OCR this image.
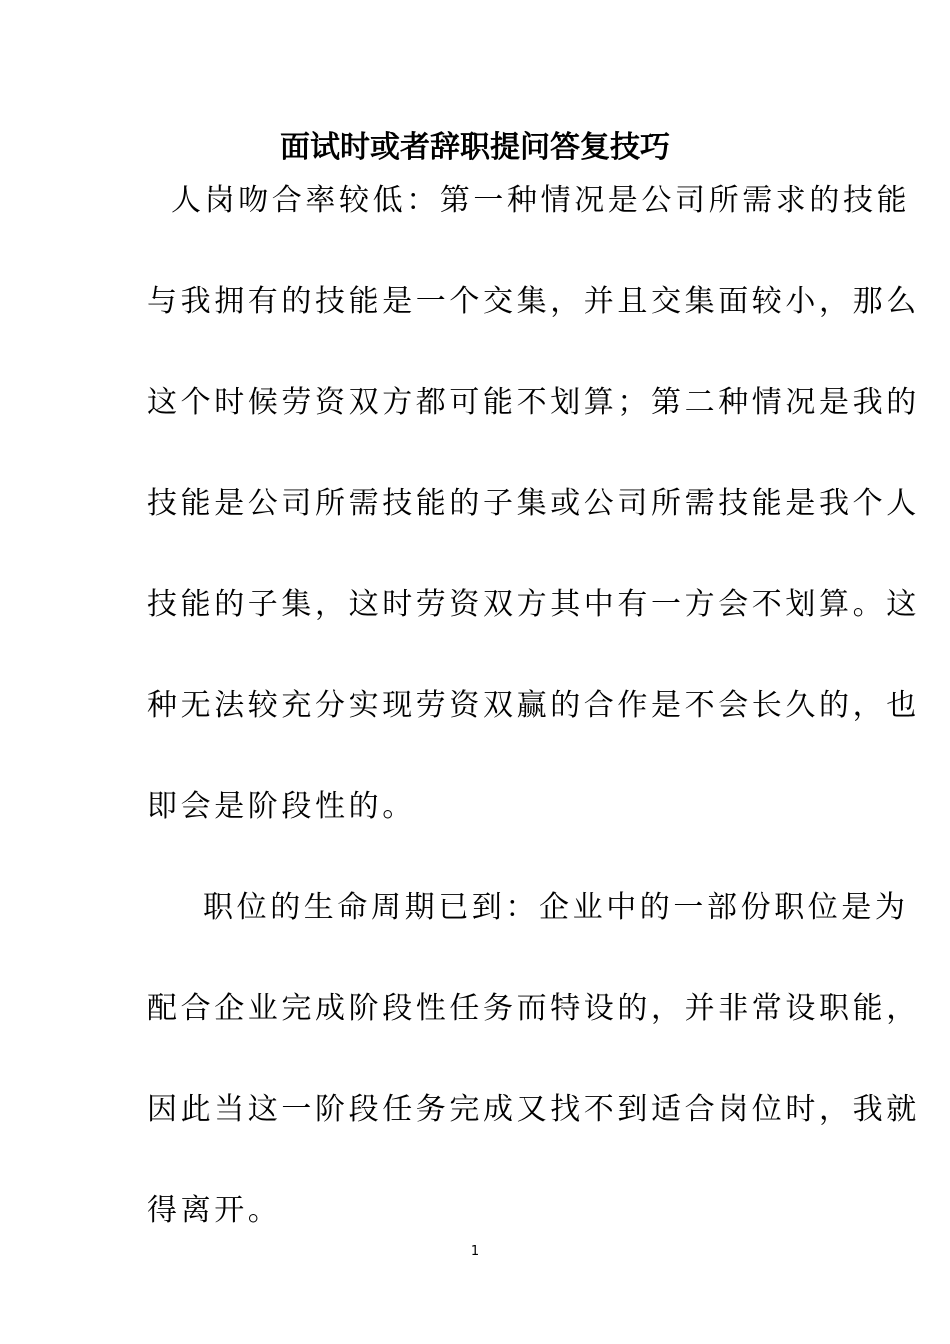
面试时或者辞职提问答复技巧
人岗吻合率较低：第一种情况是公司所需求的技能
与我拥有的技能是一个交集，并且交集面较小，那么
这个时候劳资双方都可能不划算；第二种情况是我的
技能是公司所需技能的子集或公司所需技能是我个人
技能的子集，这时劳资双方其中有一方会不划算。这
种无法较充分实现劳资双赢的合作是不会长久的，也
即会是阶段性的。
职位的生命周期已到：企业中的一部份职位是为
配合企业完成阶段性任务而特设的，并非常设职能，
因此当这一阶段任务完成又找不到适合岗位时，我就
得离开。
1
